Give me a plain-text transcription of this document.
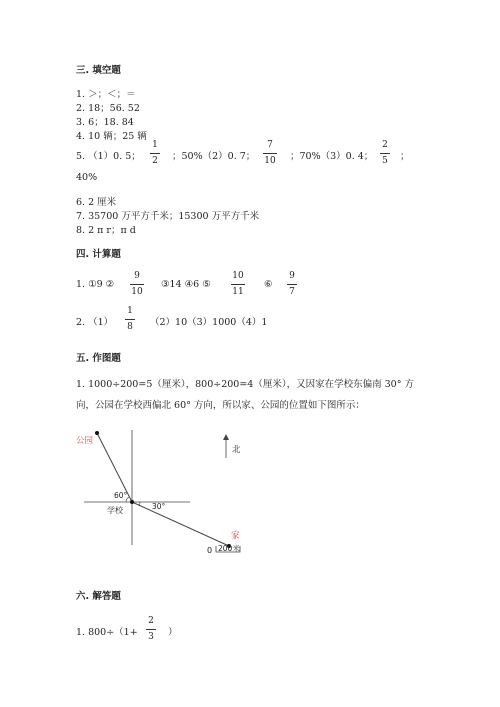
三. 填空题
1. ＞；＜；＝
2. 18；56. 52
3. 6；18. 84
4. 10 辆；25 辆
5. （1）0. 5；
1
2 ；50%（2）0. 7；
7
10 ；70%（3）0. 4；
2
5 ；
40%
6. 2 厘米
7. 35700 万平方千米；15300 万平方千米
8. 2 π r；π d
四. 计算题
1. ①9 ②
9
10
③14 ④6 ⑤
10
11
⑥
9
7
2. （1）
1
8 （2）10（3）1000（4）1
五. 作图题
1. 1000÷200=5（厘米），800÷200=4（厘米），又因家在学校东偏南 30° 方
向，公园在学校西偏北 60° 方向，所以家、公园的位置如下图所示：
公园
学校
家
60°
30°
北
0 200米
六. 解答题
1. 800÷（1+
2
3 ）
